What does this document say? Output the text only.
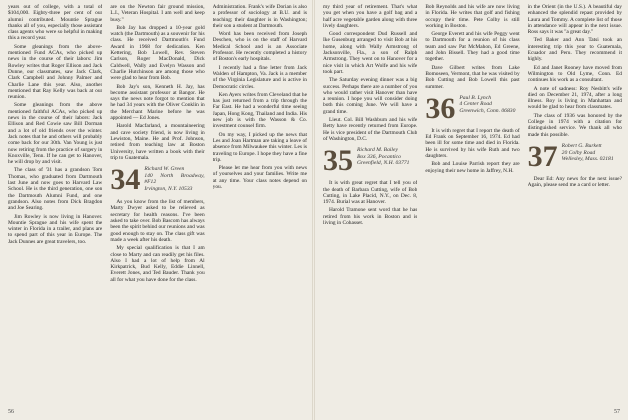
years out of college, with a total of $104,000. Eighty-three per cent of our alumni contributed. Mountie Sprague thanks all of you, especially those assistant class agents who were so helpful in making this a record year.

Some gleanings from the above-mentioned Fund ACAs, who picked up news in the course of their labors: Jim Rowley writes that Roger Ellison and Jack Dunne, our classmates, saw Jack Clark, Clark Campbell and Johnny Palmer and Charlie Lane this year. Also, another mentioned that Ray Kelly was back at our reunion.

Some gleanings from the above mentioned faithful ACAs, who picked up news in the course of their labors: Jack Ellison and Red Cowie saw Bill Dorman and a lot of old friends over the winter. Jack notes that he and others will probably come back for our 30th. Van Young is just now retiring from the practice of surgery in Knoxville, Tenn. If he can get to Hanover, he will drop by and visit.

The class of '31 has a grandson Tom Thomas, who graduated from Dartmouth last June and now goes to Harvard Law School. He is the third generation, one son the Dartmouth Alumni Fund, and one grandson. Also notes from Dick Bragdon and Joe Searing.

Jim Rowley is now living in Hanover. Mountie Sprague and his wife spent the winter in Florida in a trailer, and plans are to spend part of this year in Europe. The Jack Dunnes are great travelers, too.

are on the Newton fair ground mission, L.I., Veteran Hospital. I am well and keep busy."

Bob Jay has dropped a 10-year gold watch (the Dartmouth) as a souvenir for his class. He received Dartmouth's Fund Award in 1968 for dedication. Ken Kettering, Bob Lowell, Rev. Steven Carlson, Roger MacDonald, Dick Caldwell, Wally and Evelyn Wasson and Charlie Hutchinson are among those who were glad to hear from Bob.

Bob Jay's son, Kenneth H. Jay, has become assistant professor at Bangor. He says the news note forgot to mention that he had 34 years with the Oliver Conklin in the Merchant Marine before he was appointed — Ed Jones.

Harold Macfarland, a mountaineering and cave society friend, is now living in Lewiston, Maine. He and Prof. Johnson, retired from teaching law at Boston University, have written a book with their trip to Guatemala.

34 Richard W. Green
140 North Broadway, #F12
Irvington, N.Y. 10533

As you know from the list of members, Marty Dwyer asked to be relieved as secretary for health reasons. I've been asked to take over. Bob Bascom has always been the spirit behind our reunions and was good enough to stay on. The class gift was made a week after his death.

My special qualification is that I am close to Marty and can readily get his files. Also I had a lot of help from Al Kirkpatrick, Bud Kelly, Eddie Linnell, Everett Jones, and Ted Bauder. Thank you all for what you have done for the class.

Administration. Frank's wife Dorian is also a professor of sociology at B.U. and is teaching; their daughter is in Washington; their son a student at Dartmouth.

Word has been received from Joseph Deschen, who is on the staff of Harvard Medical School and is an Associate Professor. He recently completed a history of Boston's early hospitals.

I recently had a fine letter from Jack Walden of Hampton, Va. Jack is a member of the Virginia Legislature and is active in Democratic circles.

Ken Ayers writes from Cleveland that he has just returned from a trip through the Far East. He had a wonderful time seeing Japan, Hong Kong, Thailand and India. His new job is with the Wasson & Co. investment counsel firm.

On my way, I picked up the news that Les and Joan Hartman are taking a leave of absence from Milwaukee this winter. Les is traveling to Europe. I hope they have a fine trip.

Please let me hear from you with news of yourselves and your families. Write me at any time. Your class notes depend on you.

56

my third year of retirement. That's what you get when you have a golf bag and a half acre vegetable garden along with three lively daughters.

Good correspondent Dud Russell and Ike Gusenburg arranged to visit Bob at his home, along with Wally Armstrong of Jacksonville, Fla., a son of Ralph Armstrong. They went on to Hanover for a nice visit in which Art Wolfe and his wife took part.

The Saturday evening dinner was a big success. Perhaps there are a number of you who would rather visit Hanover than have a reunion. I hope you will consider doing both this coming June. We will have a grand time.

Lieut. Col. Bill Washburn and his wife Betty have recently returned from Europe. He is vice president of the Dartmouth Club of Washington, D.C.

35 Richard M. Bailey
Box 336, Pocantico
Greenfield, N.H. 03771

It is with great regret that I tell you of the death of Barbara Cutting, wife of Bob Cutting, in Lake Placid, N.Y., on Dec. 8, 1974. Burial was at Hanover.

Harold Tramone sent word that he has retired from his work in Boston and is living in Cohasset.

Bob Reynolds and his wife are now living in Florida. He writes that golf and fishing occupy their time. Pete Colby is still working in Boston.

George Everett and his wife Peggy went to Dartmouth for a reunion of his class team and saw Pat McMahon, Ed Greene, and John Bissell. They had a good time together.

Dave Gilbert writes from Lake Bomoseen, Vermont, that he was visited by Bob Cutting and Bob Lowell this past summer.

36 Paul B. Lynch
4 Center Road
Greenwich, Conn. 06830

It is with regret that I report the death of Ed Frank on September 16, 1974. Ed had been ill for some time and died in Florida. He is survived by his wife Ruth and two daughters.

Bob and Louise Parrish report they are enjoying their new home in Jaffrey, N.H.

in the Orient (in the U.S.). A beautiful day enhanced the splendid repast provided by Laura and Tommy. A complete list of those in attendance will appear in the next issue. Ross says it was "a great day."

Ted Baker and Ann Tatsi took an interesting trip this year to Guatemala, Ecuador and Peru. They recommend it highly.

Ed and Janet Rooney have moved from Wilmington to Old Lyme, Conn. Ed continues his work as a consultant.

A note of sadness: Roy Nesbitt's wife died on December 21, 1974, after a long illness. Roy is living in Manhattan and would be glad to hear from classmates.

The class of 1936 was honored by the College in 1974 with a citation for distinguished service. We thank all who made this possible.

37 Robert G. Burkett
20 Colby Road
Wellesley, Mass. 02181

Dear Ed: Any news for the next issue? Again, please send me a card or letter.

57
